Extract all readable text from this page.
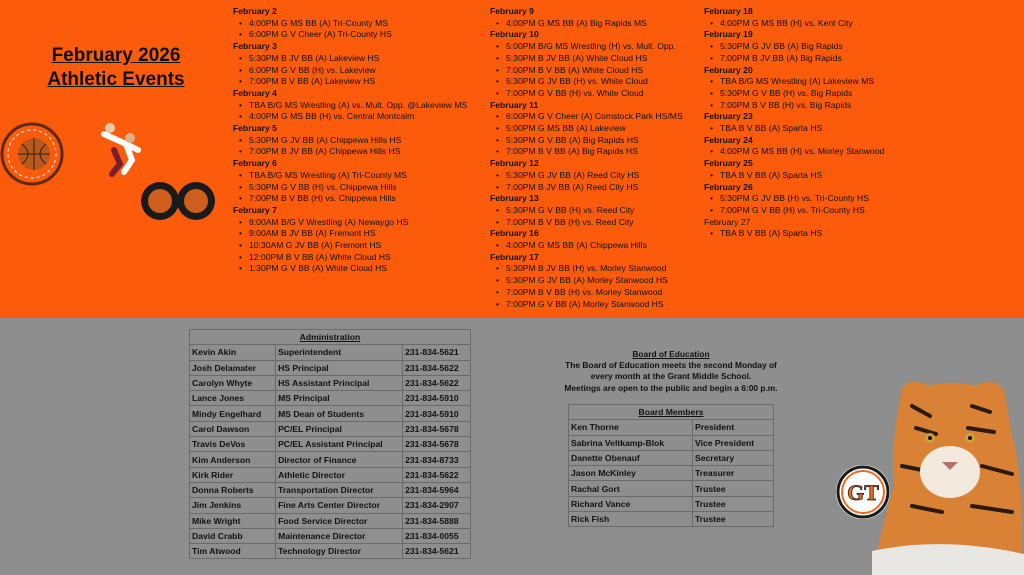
February 2026 Athletic Events
February 2
• 4:00PM G MS BB (A) Tri-County MS
• 6:00PM G V Cheer (A) Tri-County HS
February 3
• 5:30PM B JV BB (A) Lakeview HS
• 6:00PM G V BB (H) vs. Lakeview
• 7:00PM B V BB (A) Lakeview HS
February 4
• TBA B/G MS Wrestling (A) vs. Mult. Opp. @Lakeview MS
• 4:00PM G MS BB (H) vs. Central Montcalm
February 5
• 5:30PM G JV BB (A) Chippewa Hills HS
• 7:00PM B JV BB (A) Chippewa Hills HS
February 6
• TBA B/G MS Wrestling (A) Tri-County MS
• 5:30PM G V BB (H) vs. Chippewa Hills
• 7:00PM B V BB (H) vs. Chippewa Hills
February 7
• 8:00AM B/G V Wrestling (A) Newaygo HS
• 9:00AM B JV BB (A) Fremont HS
• 10:30AM G JV BB (A) Fremont HS
• 12:00PM B V BB (A) White Cloud HS
• 1:30PM G V BB (A) White Cloud HS
February 9
• 4:00PM G MS BB (A) Big Rapids MS
February 10
• 5:00PM B/G MS Wrestling (H) vs. Mult. Opp.
• 5:30PM B JV BB (A) White Cloud HS
• 7:00PM B V BB (A) White Cloud HS
• 5:30PM G JV BB (H) vs. White Cloud
• 7:00PM G V BB (H) vs. White Cloud
February 11
• 6:00PM G V Cheer (A) Comstock Park HS/MS
• 5:00PM G MS BB (A) Lakeview
• 5:30PM G V BB (A) Big Rapids HS
• 7:00PM B V BB (A) Big Rapids HS
February 12
• 5:30PM G JV BB (A) Reed City HS
• 7:00PM B JV BB (A) Reed City HS
February 13
• 5:30PM G V BB (H) vs. Reed City
• 7:00PM B V BB (H) vs. Reed City
February 16
• 4:00PM G MS BB (A) Chippewa Hills
February 17
• 5:30PM B JV BB (H) vs. Morley Stanwood
• 5:30PM G JV BB (A) Morley Stanwood HS
• 7:00PM B V BB (H) vs. Morley Stanwood
• 7:00PM G V BB (A) Morley Stanwood HS
February 18
• 4:00PM G MS BB (H) vs. Kent City
February 19
• 5:30PM G JV BB (A) Big Rapids
• 7:00PM B JV BB (A) Big Rapids
February 20
• TBA B/G MS Wrestling (A) Lakeview MS
• 5:30PM G V BB (H) vs. Big Rapids
• 7:00PM B V BB (H) vs. Big Rapids
February 23
• TBA B V BB (A) Sparta HS
February 24
• 4:00PM G MS BB (H) vs. Morley Stanwood
February 25
• TBA B V BB (A) Sparta HS
February 26
• 5:30PM G JV BB (H) vs. Tri-County HS
• 7:00PM G V BB (H) vs. Tri-County HS
February 27
• TBA B V BB (A) Sparta HS
Administration		
Kevin Akin	Superintendent	231-834-5621
Josh Delamater	HS Principal	231-834-5622
Carolyn Whyte	HS Assistant Principal	231-834-5622
Lance Jones	MS Principal	231-834-5910
Mindy Engelhard	MS Dean of Students	231-834-5910
Carol Dawson	PC/EL Principal	231-834-5678
Travis DeVos	PC/EL Assistant Principal	231-834-5678
Kim Anderson	Director of Finance	231-834-8733
Kirk Rider	Athletic Director	231-834-5622
Donna Roberts	Transportation Director	231-834-5964
Jim Jenkins	Fine Arts Center Director	231-834-2907
Mike Wright	Food Service Director	231-834-5888
David Crabb	Maintenance Director	231-834-0055
Tim Atwood	Technology Director	231-834-5621
Board of Education
The Board of Education meets the second Monday of
every month at the Grant Middle School.
Meetings are open to the public and begin a 6:00 p.m.
Board Members	
Ken Thorne	President
Sabrina Veltkamp-Blok	Vice President
Danette Obenauf	Secretary
Jason McKinley	Treasurer
Rachal Gort	Trustee
Richard Vance	Trustee
Rick Fish	Trustee
GT
